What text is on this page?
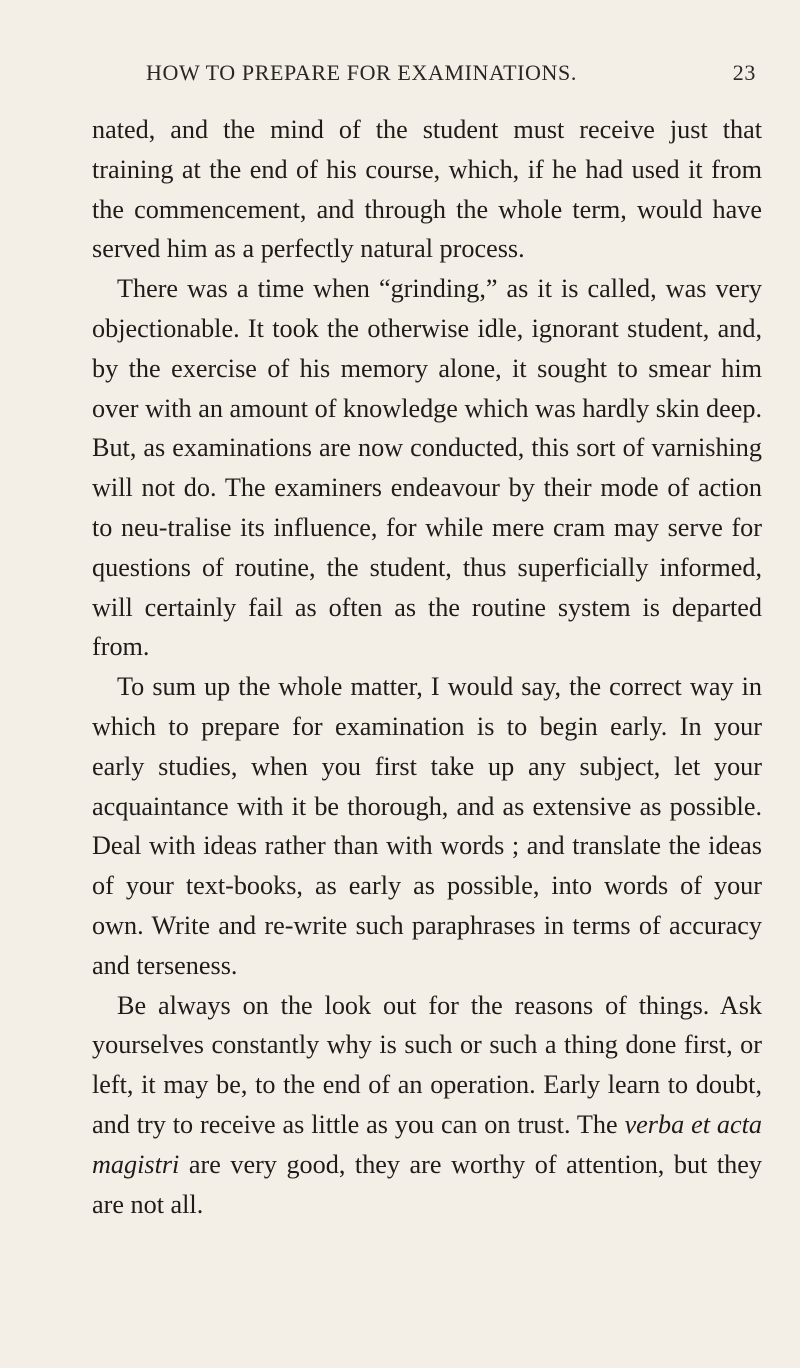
HOW TO PREPARE FOR EXAMINATIONS.	23

nated, and the mind of the student must receive just that training at the end of his course, which, if he had used it from the commencement, and through the whole term, would have served him as a perfectly natural process.

There was a time when “grinding,” as it is called, was very objectionable. It took the otherwise idle, ignorant student, and, by the exercise of his memory alone, it sought to smear him over with an amount of knowledge which was hardly skin deep. But, as examinations are now conducted, this sort of varnishing will not do. The examiners endeavour by their mode of action to neu-tralise its influence, for while mere cram may serve for questions of routine, the student, thus superficially informed, will certainly fail as often as the routine system is departed from.

To sum up the whole matter, I would say, the correct way in which to prepare for examination is to begin early. In your early studies, when you first take up any subject, let your acquaintance with it be thorough, and as extensive as possible. Deal with ideas rather than with words ; and translate the ideas of your text-books, as early as possible, into words of your own. Write and re-write such paraphrases in terms of accuracy and terseness.

Be always on the look out for the reasons of things. Ask yourselves constantly why is such or such a thing done first, or left, it may be, to the end of an operation. Early learn to doubt, and try to receive as little as you can on trust. The verba et acta magistri are very good, they are worthy of attention, but they are not all.
